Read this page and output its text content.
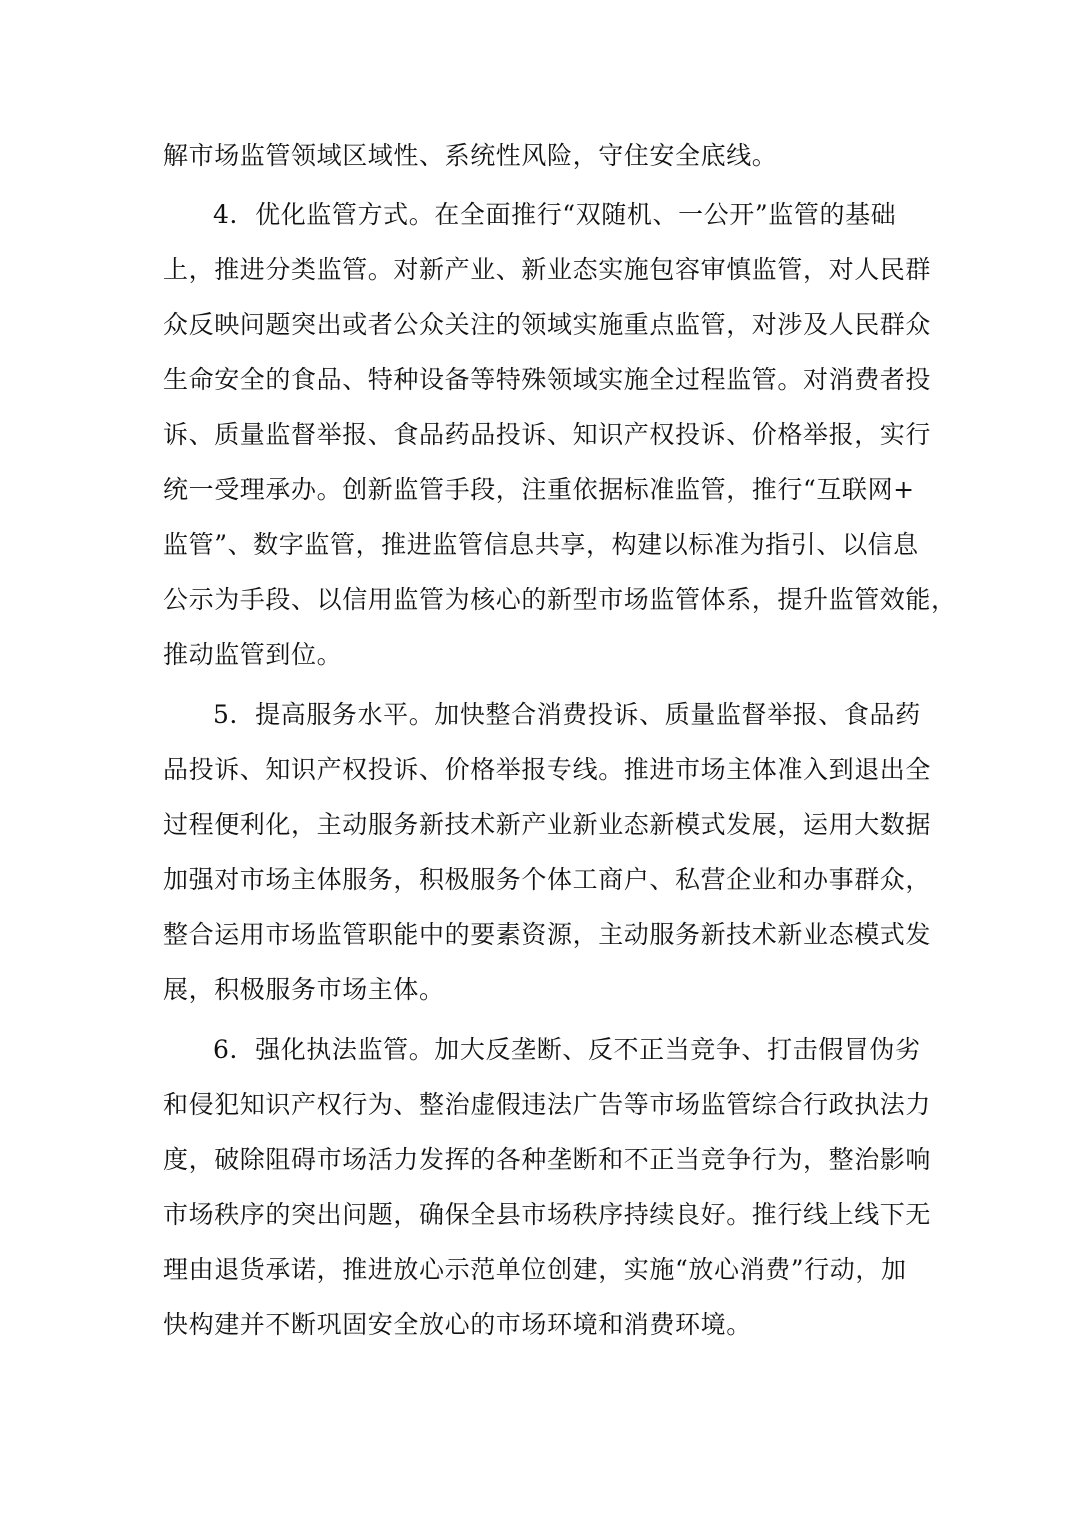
解市场监管领域区域性、系统性风险，守住安全底线。
4．优化监管方式。在全面推行“双随机、一公开”监管的基础
上，推进分类监管。对新产业、新业态实施包容审慎监管，对人民群
众反映问题突出或者公众关注的领域实施重点监管，对涉及人民群众
生命安全的食品、特种设备等特殊领域实施全过程监管。对消费者投
诉、质量监督举报、食品药品投诉、知识产权投诉、价格举报，实行
统一受理承办。创新监管手段，注重依据标准监管，推行“互联网+
监管”、数字监管，推进监管信息共享，构建以标准为指引、以信息
公示为手段、以信用监管为核心的新型市场监管体系，提升监管效能，
推动监管到位。
5．提高服务水平。加快整合消费投诉、质量监督举报、食品药
品投诉、知识产权投诉、价格举报专线。推进市场主体准入到退出全
过程便利化，主动服务新技术新产业新业态新模式发展，运用大数据
加强对市场主体服务，积极服务个体工商户、私营企业和办事群众，
整合运用市场监管职能中的要素资源，主动服务新技术新业态模式发
展，积极服务市场主体。
6．强化执法监管。加大反垄断、反不正当竞争、打击假冒伪劣
和侵犯知识产权行为、整治虚假违法广告等市场监管综合行政执法力
度，破除阻碍市场活力发挥的各种垄断和不正当竞争行为，整治影响
市场秩序的突出问题，确保全县市场秩序持续良好。推行线上线下无
理由退货承诺，推进放心示范单位创建，实施“放心消费”行动，加
快构建并不断巩固安全放心的市场环境和消费环境。
